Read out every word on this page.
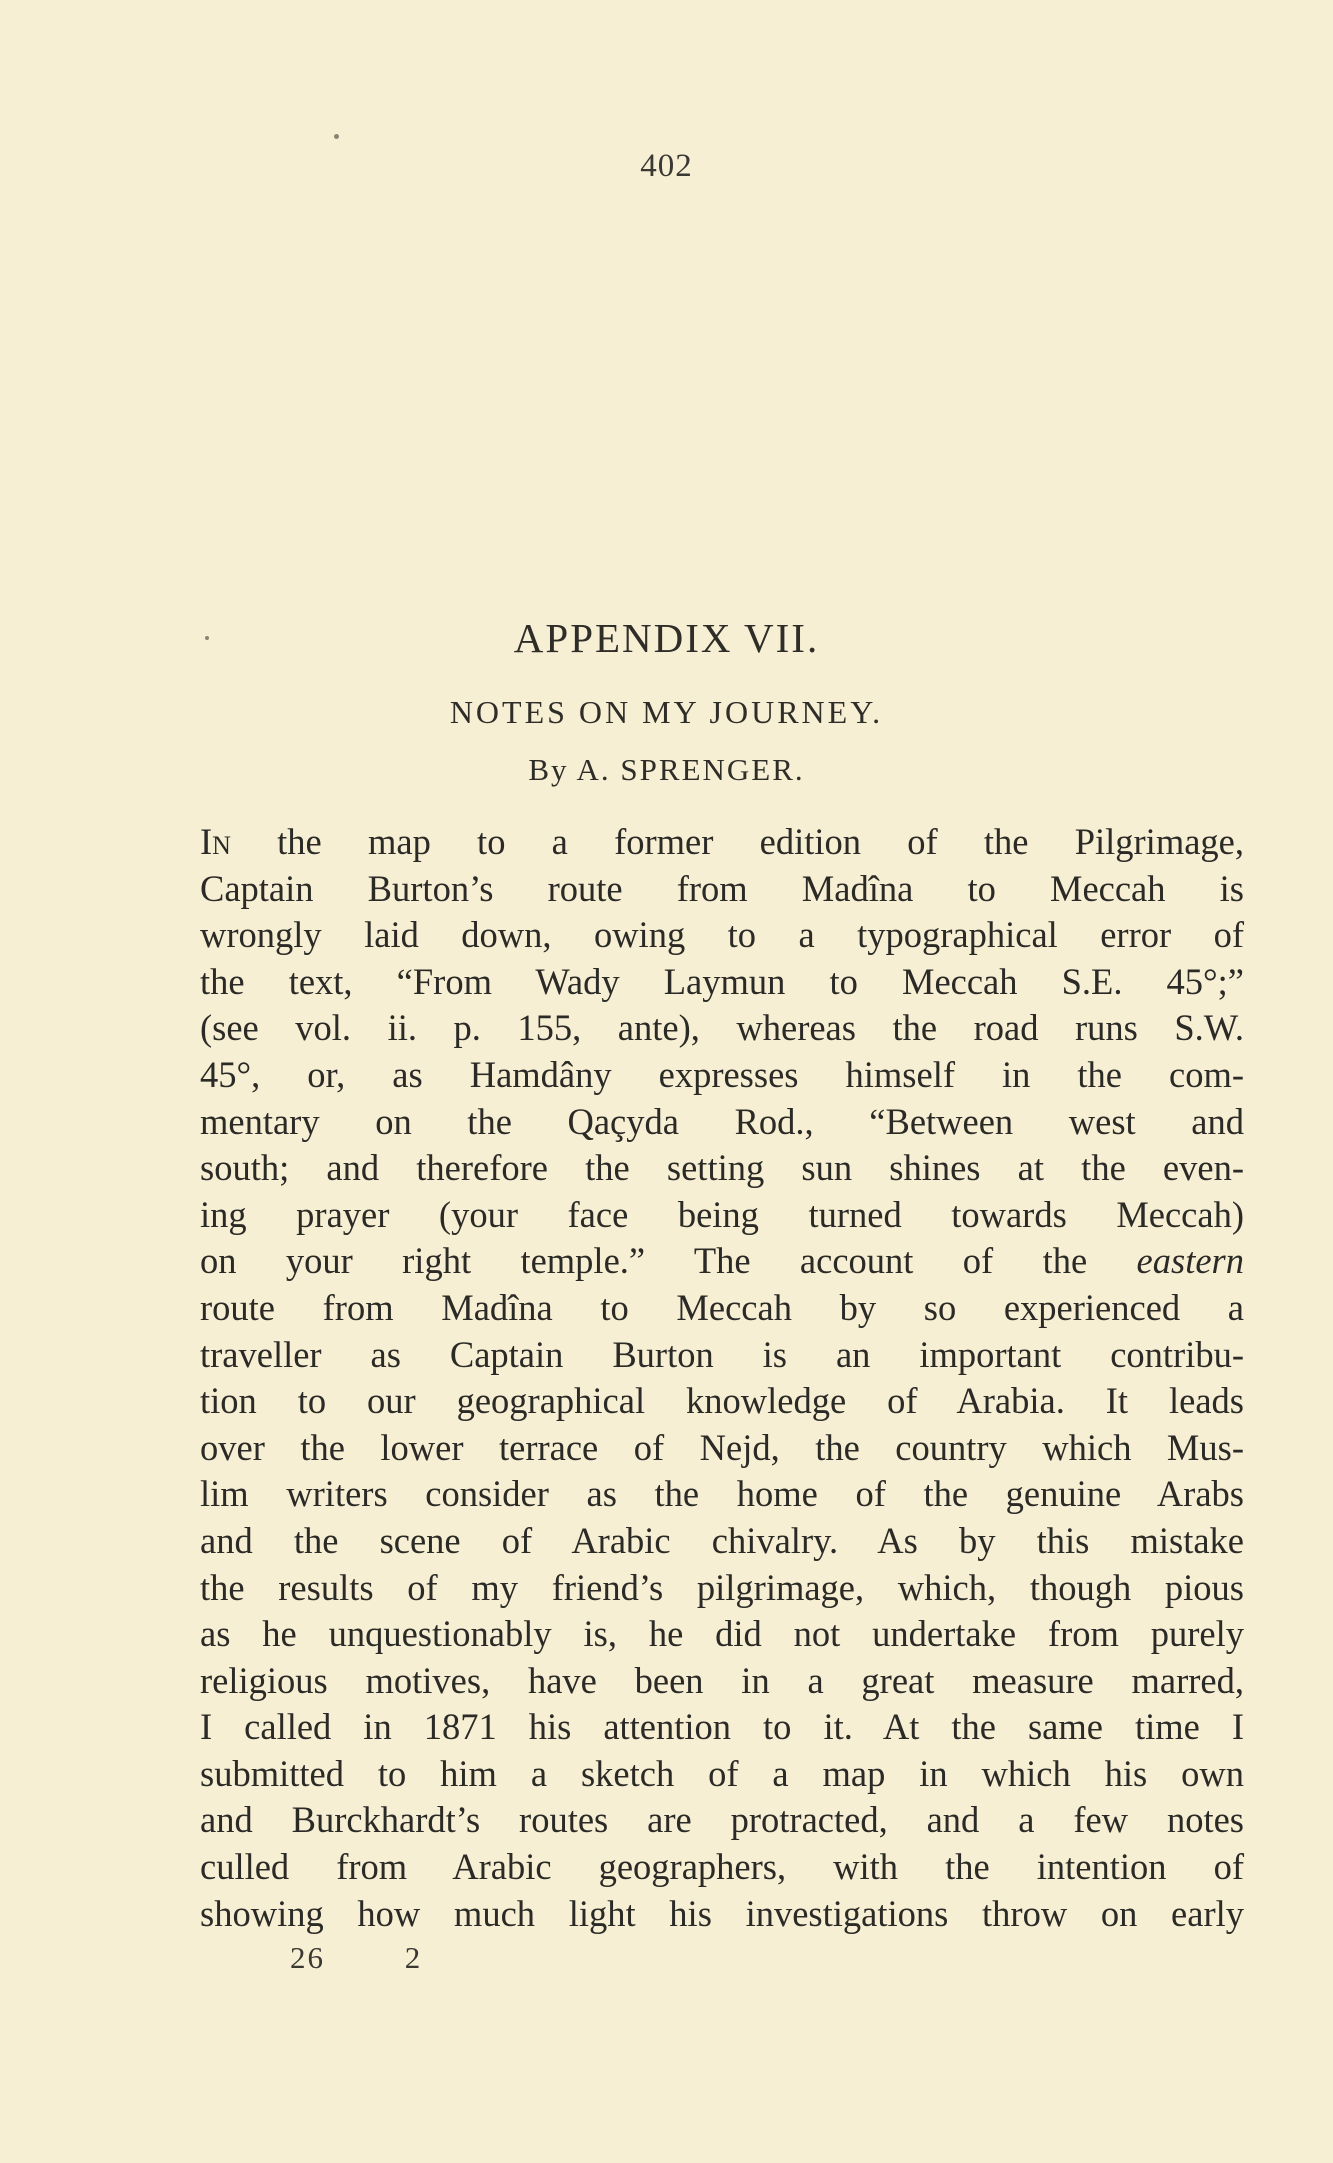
402
APPENDIX VII.
NOTES ON MY JOURNEY.
By A. SPRENGER.
In the map to a former edition of the Pilgrimage,
Captain Burton’s route from Madîna to Meccah is
wrongly laid down, owing to a typographical error of
the text, “From Wady Laymun to Meccah S.E. 45°;”
(see vol. ii. p. 155, ante), whereas the road runs S.W.
45°, or, as Hamdâny expresses himself in the com-
mentary on the Qaçyda Rod., “Between west and
south; and therefore the setting sun shines at the even-
ing prayer (your face being turned towards Meccah)
on your right temple.” The account of the eastern
route from Madîna to Meccah by so experienced a
traveller as Captain Burton is an important contribu-
tion to our geographical knowledge of Arabia. It leads
over the lower terrace of Nejd, the country which Mus-
lim writers consider as the home of the genuine Arabs
and the scene of Arabic chivalry. As by this mistake
the results of my friend’s pilgrimage, which, though pious
as he unquestionably is, he did not undertake from purely
religious motives, have been in a great measure marred,
I called in 1871 his attention to it. At the same time I
submitted to him a sketch of a map in which his own
and Burckhardt’s routes are protracted, and a few notes
culled from Arabic geographers, with the intention of
showing how much light his investigations throw on early
26	2
